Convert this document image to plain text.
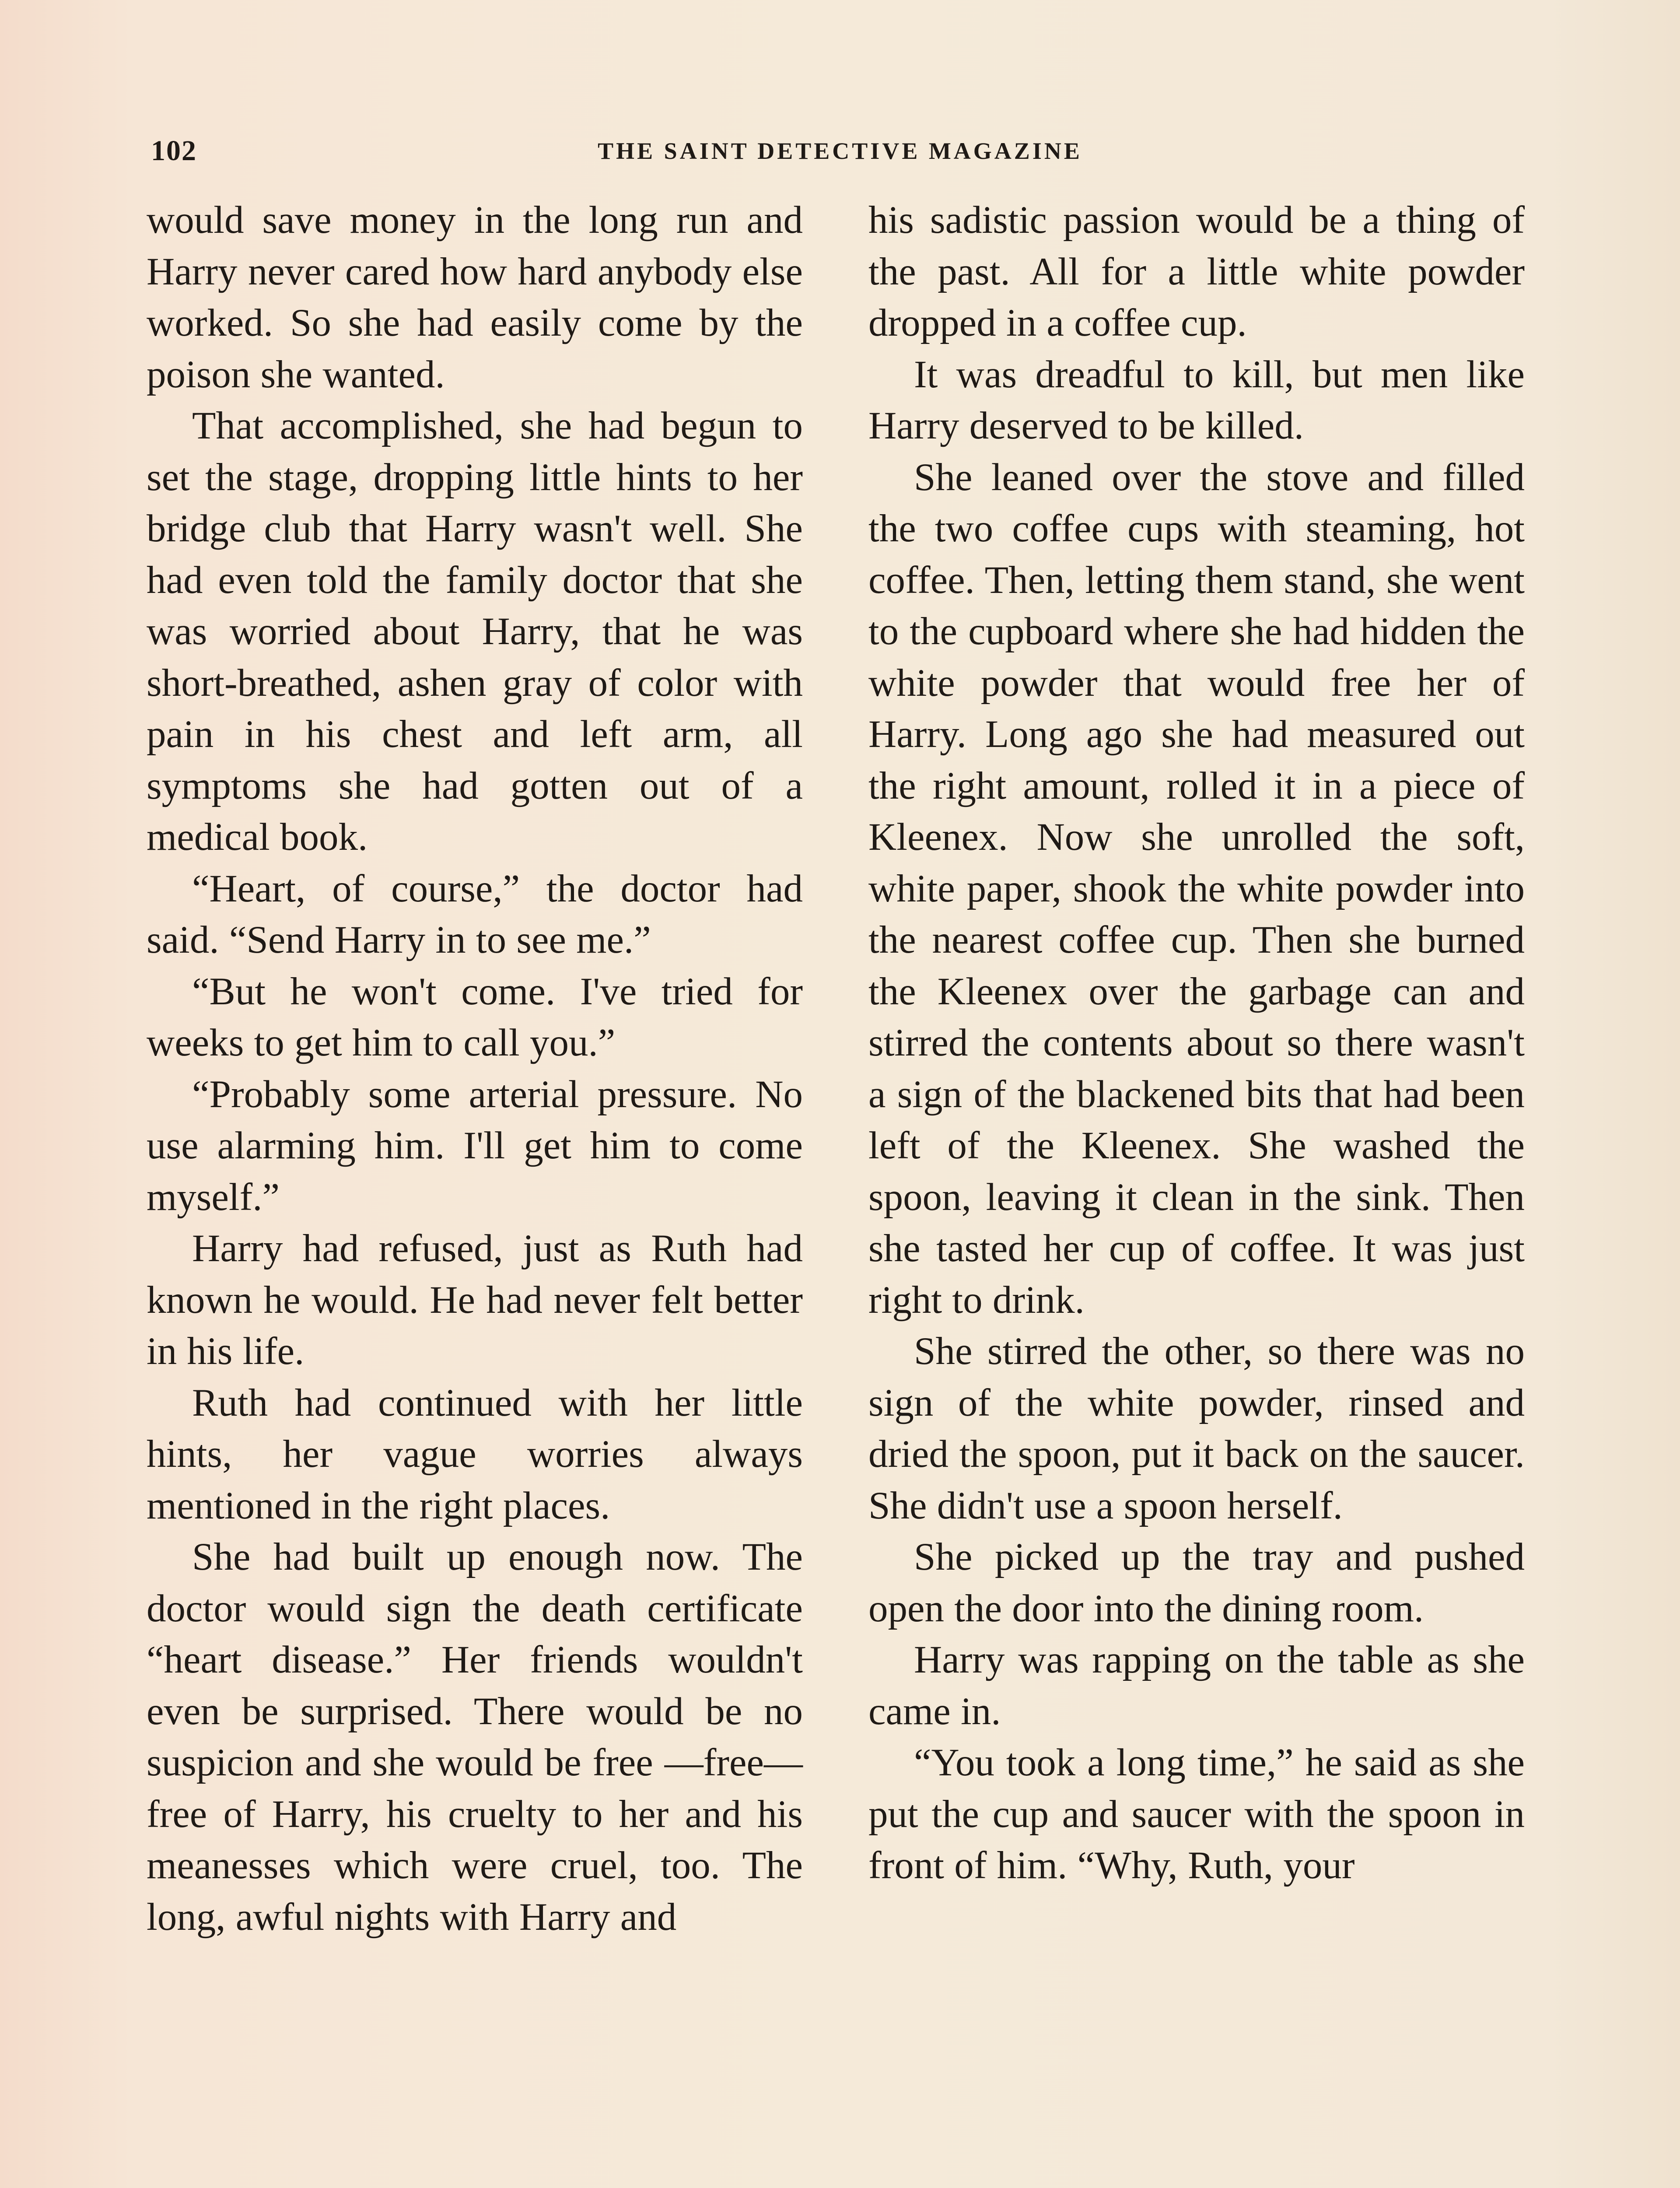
102	THE SAINT DETECTIVE MAGAZINE

would save money in the long run and Harry never cared how hard anybody else worked. So she had easily come by the poison she wanted.

That accomplished, she had begun to set the stage, dropping little hints to her bridge club that Harry wasn't well. She had even told the family doctor that she was worried about Harry, that he was short-breathed, ashen gray of color with pain in his chest and left arm, all symptoms she had gotten out of a medical book.

“Heart, of course,” the doctor had said. “Send Harry in to see me.”

“But he won't come. I've tried for weeks to get him to call you.”

“Probably some arterial pressure. No use alarming him. I'll get him to come myself.”

Harry had refused, just as Ruth had known he would. He had never felt better in his life.

Ruth had continued with her little hints, her vague worries always mentioned in the right places.

She had built up enough now. The doctor would sign the death certificate “heart disease.” Her friends wouldn't even be surprised. There would be no suspicion and she would be free —free—free of Harry, his cruelty to her and his meanesses which were cruel, too. The long, awful nights with Harry and

his sadistic passion would be a thing of the past. All for a little white powder dropped in a coffee cup.

It was dreadful to kill, but men like Harry deserved to be killed.

She leaned over the stove and filled the two coffee cups with steaming, hot coffee. Then, letting them stand, she went to the cupboard where she had hidden the white powder that would free her of Harry. Long ago she had measured out the right amount, rolled it in a piece of Kleenex. Now she unrolled the soft, white paper, shook the white powder into the nearest coffee cup. Then she burned the Kleenex over the garbage can and stirred the contents about so there wasn't a sign of the blackened bits that had been left of the Kleenex. She washed the spoon, leaving it clean in the sink. Then she tasted her cup of coffee. It was just right to drink.

She stirred the other, so there was no sign of the white powder, rinsed and dried the spoon, put it back on the saucer. She didn't use a spoon herself.

She picked up the tray and pushed open the door into the dining room.

Harry was rapping on the table as she came in.

“You took a long time,” he said as she put the cup and saucer with the spoon in front of him. “Why, Ruth, your
